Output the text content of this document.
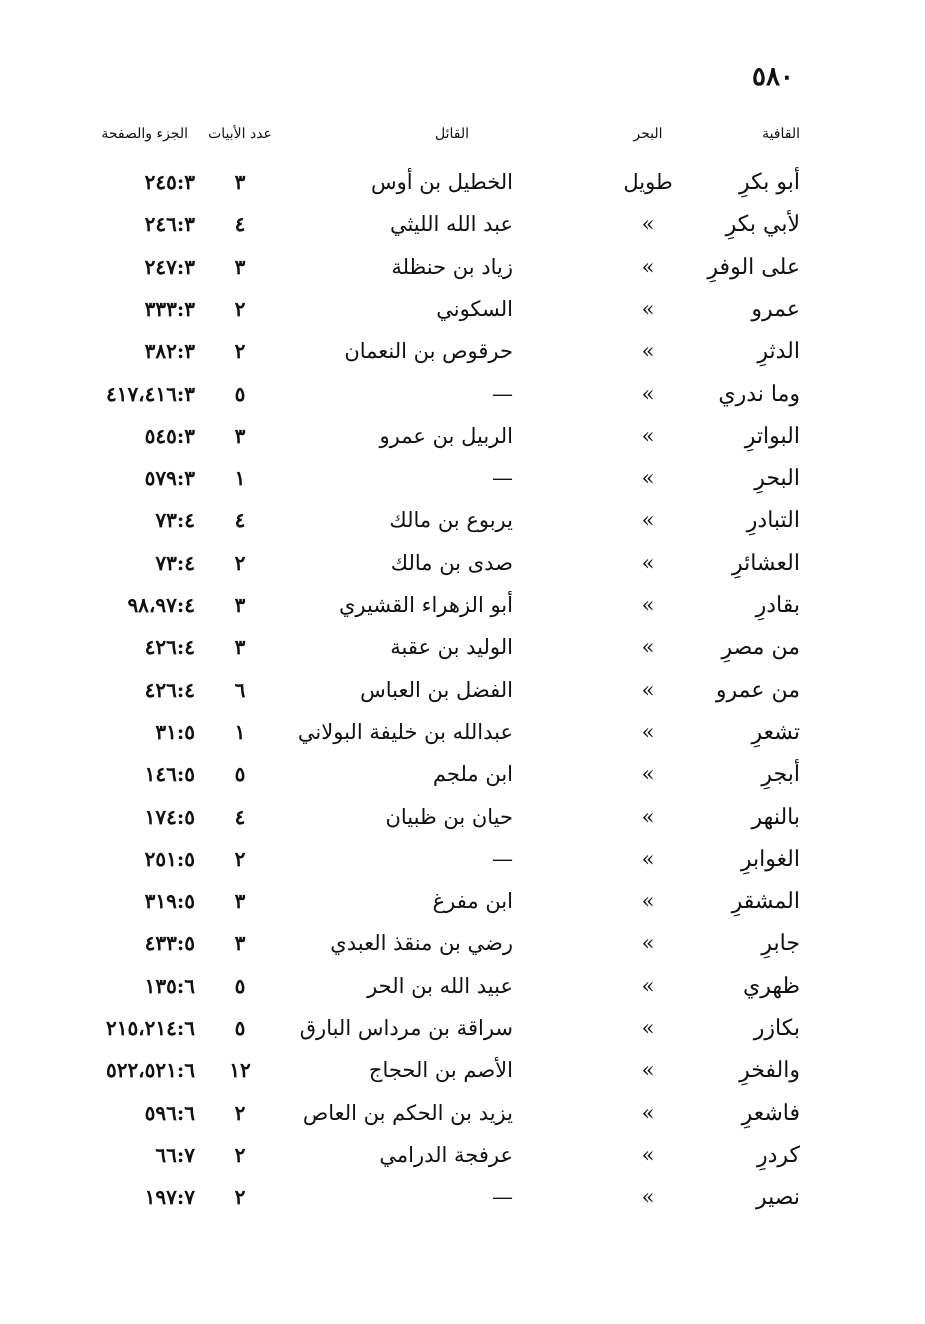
٥٨٠
القافية
البحر
القائل
عدد الأبيات
الجزء والصفحة
أبو بكرِ
طويل
الخطيل بن أوس
٣
٢٤٥:٣
لأبي بكرِ
«
عبد الله الليثي
٤
٢٤٦:٣
على الوفرِ
«
زياد بن حنظلة
٣
٢٤٧:٣
عمرو
«
السكوني
٢
٣٣٣:٣
الدثرِ
«
حرقوص بن النعمان
٢
٣٨٢:٣
وما ندري
«
—
٥
٤١٧،٤١٦:٣
البواترِ
«
الربيل بن عمرو
٣
٥٤٥:٣
البحرِ
«
—
١
٥٧٩:٣
التبادرِ
«
يربوع بن مالك
٤
٧٣:٤
العشائرِ
«
صدى بن مالك
٢
٧٣:٤
بقادرِ
«
أبو الزهراء القشيري
٣
٩٨،٩٧:٤
من مصرِ
«
الوليد بن عقبة
٣
٤٢٦:٤
من عمرو
«
الفضل بن العباس
٦
٤٢٦:٤
تشعرِ
«
عبدالله بن خليفة البولاني
١
٣١:٥
أبجرِ
«
ابن ملجم
٥
١٤٦:٥
بالنهر
«
حيان بن ظبيان
٤
١٧٤:٥
الغوابرِ
«
—
٢
٢٥١:٥
المشقرِ
«
ابن مفرغ
٣
٣١٩:٥
جابرِ
«
رضي بن منقذ العبدي
٣
٤٣٣:٥
ظهري
«
عبيد الله بن الحر
٥
١٣٥:٦
بكازر
«
سراقة بن مرداس البارق
٥
٢١٥،٢١٤:٦
والفخرِ
«
الأصم بن الحجاج
١٢
٥٢٢،٥٢١:٦
فاشعرِ
«
يزيد بن الحكم بن العاص
٢
٥٩٦:٦
كردرِ
«
عرفجة الدرامي
٢
٦٦:٧
نصير
«
—
٢
١٩٧:٧
